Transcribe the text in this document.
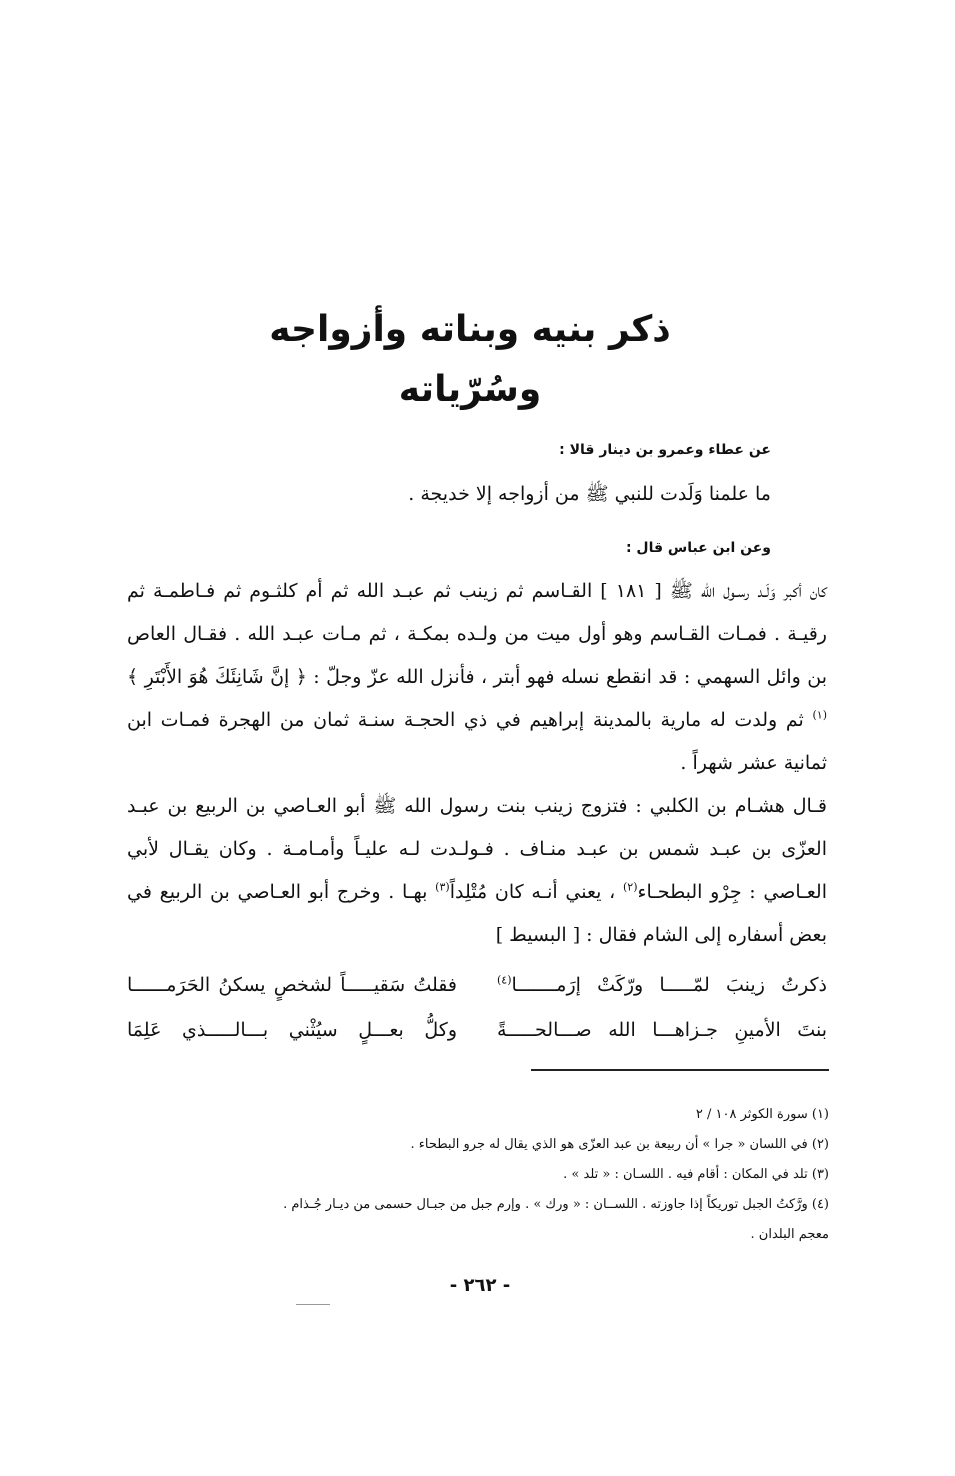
ذكر بنيه وبناته وأزواجه وسُرّياته
عن عطاء وعمرو بن دينار قالا :
ما علمنا وَلَدت للنبي ﷺ من أزواجه إلا خديجة .
وعن ابن عباس قال :
كان أكبر وَلَـد رسـول الله ﷺ [ ١٨١ ] القـاسم ثم زينب ثم عبـد الله ثم أم كلثـوم ثم فـاطمـة ثم رقيـة . فمـات القـاسم وهو أول ميت من ولـده بمكـة ، ثم مـات عبـد الله . فقـال العاص بن وائل السهمي : قد انقطع نسله فهو أبتر ، فأنزل الله عزّ وجلّ : ﴿ إنَّ شَانِئَكَ هُوَ الأَبْتَرِ ﴾$^{(١)}$ ثم ولدت له مارية بالمدينة إبراهيم في ذي الحجـة سنـة ثمان من الهجرة فمـات ابن ثمانية عشر شهراً .
قـال هشـام بن الكلبي : فتزوج زينب بنت رسول الله ﷺ أبو العـاصي بن الربيع بن عبـد العزّى بن عبـد شمس بن عبـد منـاف . فـولـدت لـه عليـاً وأمـامـة . وكان يقـال لأبي العـاصي : جِرْو البطحـاء$^{(٢)}$ ، يعني أنـه كان مُتْلِداً$^{(٣)}$ بهـا . وخرج أبو العـاصي بن الربيع في بعض أسفاره إلى الشام فقال : [ البسيط ]
ذكرتُ زينبَ لمّـــــا ورّكَتْ إرَمـــــــا$^{(٤)}$
فقلتُ سَقيـــــاً لشخصٍ يسكنُ الحَرَمــــــا
بنتَ الأمينِ جـزاهـــا الله صـــالحـــــةً
وكلُّ بعـــلٍ سيُثْني بـــالـــــذي عَلِمَا
(١) سورة الكوثر ١٠٨ / ٢
(٢) في اللسان « جرا » أن ربيعة بن عبد العزّى هو الذي يقال له جرو البطحاء .
(٣) تلد في المكان : أقام فيه . اللسـان : « تلد » .
(٤) ورَّكتُ الجبل توريكاً إذا جاوزته . اللســان : « ورك » . وإرم جبل من جبـال حسمى من ديـار جُـذام .
معجم البلدان .
- ٢٦٢ -
